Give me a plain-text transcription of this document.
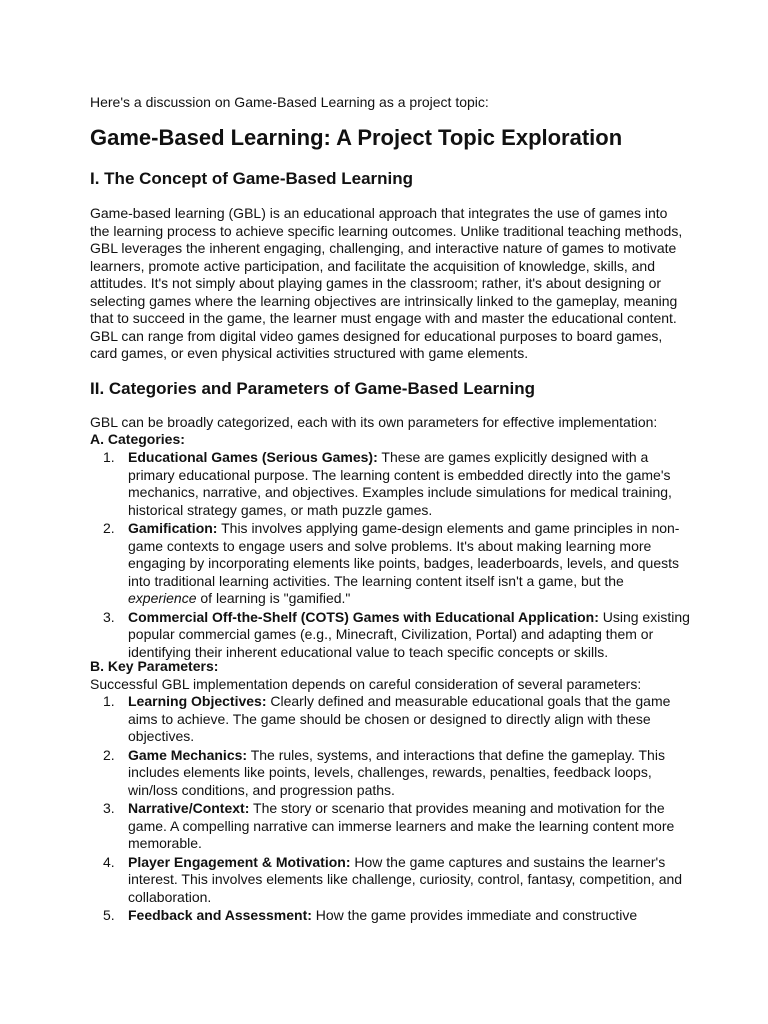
Here's a discussion on Game-Based Learning as a project topic:

Game-Based Learning: A Project Topic Exploration
I. The Concept of Game-Based Learning

Game-based learning (GBL) is an educational approach that integrates the use of games into the learning process to achieve specific learning outcomes. Unlike traditional teaching methods, GBL leverages the inherent engaging, challenging, and interactive nature of games to motivate learners, promote active participation, and facilitate the acquisition of knowledge, skills, and attitudes. It's not simply about playing games in the classroom; rather, it's about designing or selecting games where the learning objectives are intrinsically linked to the gameplay, meaning that to succeed in the game, the learner must engage with and master the educational content. GBL can range from digital video games designed for educational purposes to board games, card games, or even physical activities structured with game elements.

II. Categories and Parameters of Game-Based Learning

GBL can be broadly categorized, each with its own parameters for effective implementation:

A. Categories:

1. Educational Games (Serious Games): These are games explicitly designed with a primary educational purpose. The learning content is embedded directly into the game's mechanics, narrative, and objectives. Examples include simulations for medical training, historical strategy games, or math puzzle games.
2. Gamification: This involves applying game-design elements and game principles in non-game contexts to engage users and solve problems. It's about making learning more engaging by incorporating elements like points, badges, leaderboards, levels, and quests into traditional learning activities. The learning content itself isn't a game, but the experience of learning is "gamified."
3. Commercial Off-the-Shelf (COTS) Games with Educational Application: Using existing popular commercial games (e.g., Minecraft, Civilization, Portal) and adapting them or identifying their inherent educational value to teach specific concepts or skills.

B. Key Parameters:

Successful GBL implementation depends on careful consideration of several parameters:

1. Learning Objectives: Clearly defined and measurable educational goals that the game aims to achieve. The game should be chosen or designed to directly align with these objectives.
2. Game Mechanics: The rules, systems, and interactions that define the gameplay. This includes elements like points, levels, challenges, rewards, penalties, feedback loops, win/loss conditions, and progression paths.
3. Narrative/Context: The story or scenario that provides meaning and motivation for the game. A compelling narrative can immerse learners and make the learning content more memorable.
4. Player Engagement & Motivation: How the game captures and sustains the learner's interest. This involves elements like challenge, curiosity, control, fantasy, competition, and collaboration.
5. Feedback and Assessment: How the game provides immediate and constructive
